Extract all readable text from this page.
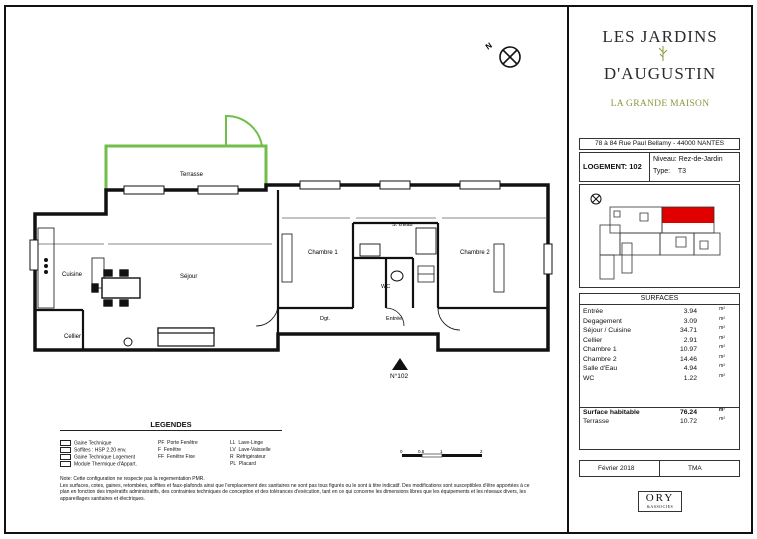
N
Terrasse
Cuisine	Séjour
Cellier
Chambre 1	Chambre 2
S. d'Eau
WC
Dgt.	Entrée
N°102
LES JARDINS
D'AUGUSTIN
LA GRANDE MAISON
78 à 84 Rue Paul Bellamy - 44000 NANTES
LOGEMENT: 102
Niveau: Rez-de-Jardin
Type: T3
SURFACES
Entrée	3.94	m²
Degagement	3.09	m²
Séjour / Cuisine	34.71	m²
Cellier	2.91	m²
Chambre 1	10.97	m²
Chambre 2	14.46	m²
Salle d'Eau	4.94	m²
WC	1.22	m²
Surface habitable	76.24	m²
Terrasse	10.72	m²
Février 2018	TMA
ORY
&ASSOCIES
LEGENDES
Gaine Technique
Soffites : HSP 2.20 env.
Gaine Technique Logement
Module Thermique d'Appart.
PF Porte Fenêtre
F Fenêtre
FF Fenêtre Fixe
LL Lave-Linge
LV Lave-Vaisselle
R Réfrigérateur
PL Placard
0	0.5	1	2
Note: Cette configuration ne respecte pas la regementation PMR.
Les surfaces, cotes, gaines, retombées, soffites et faux-plafonds ainsi que l'emplacement des sanitaires ne sont pas tous figurés ou le sont à titre indicatif. Des modifications sont susceptibles d'être apportées à ce plan en fonction des impératifs administratifs, des contraintes techniques de conception et des tolérances d'exécution, tant en ce qui concerne les dimensions libres que les équipements et les réseaux divers, les appareillages sanitaires et électriques.
